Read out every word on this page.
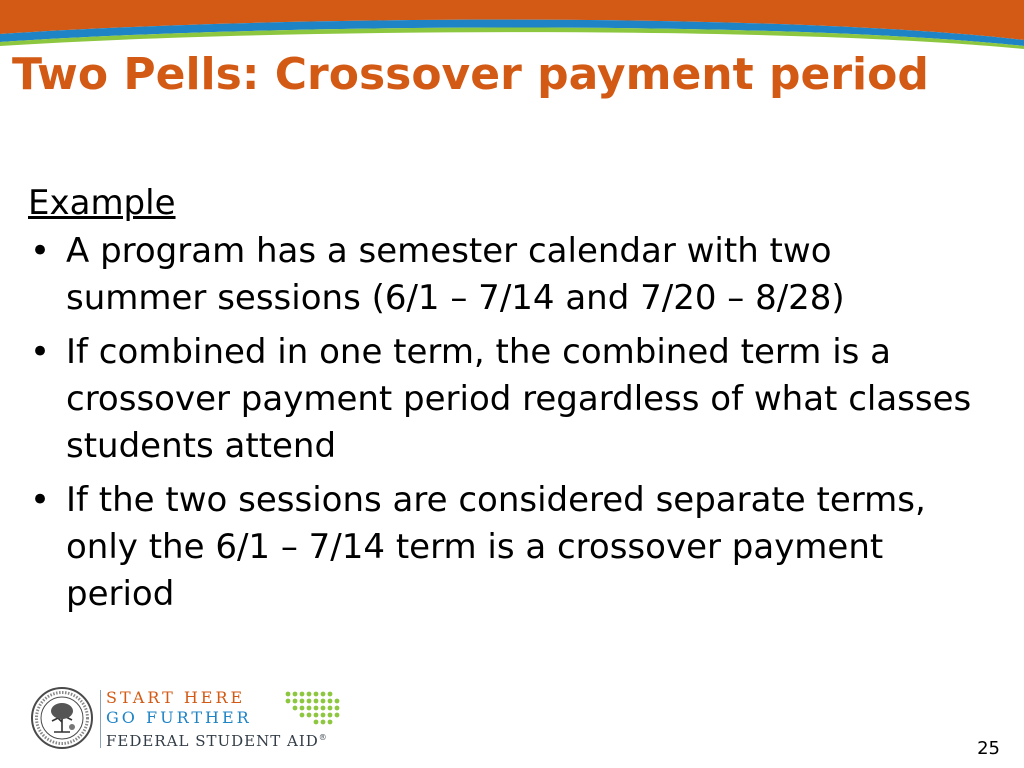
Two Pells: Crossover payment period
Example
• A program has a semester calendar with two summer sessions (6/1 – 7/14 and 7/20 – 8/28)
• If combined in one term, the combined term is a crossover payment period regardless of what classes students attend
• If the two sessions are considered separate terms, only the 6/1 – 7/14 term is a crossover payment period
START HERE
GO FURTHER
FEDERAL STUDENT AID®
25
